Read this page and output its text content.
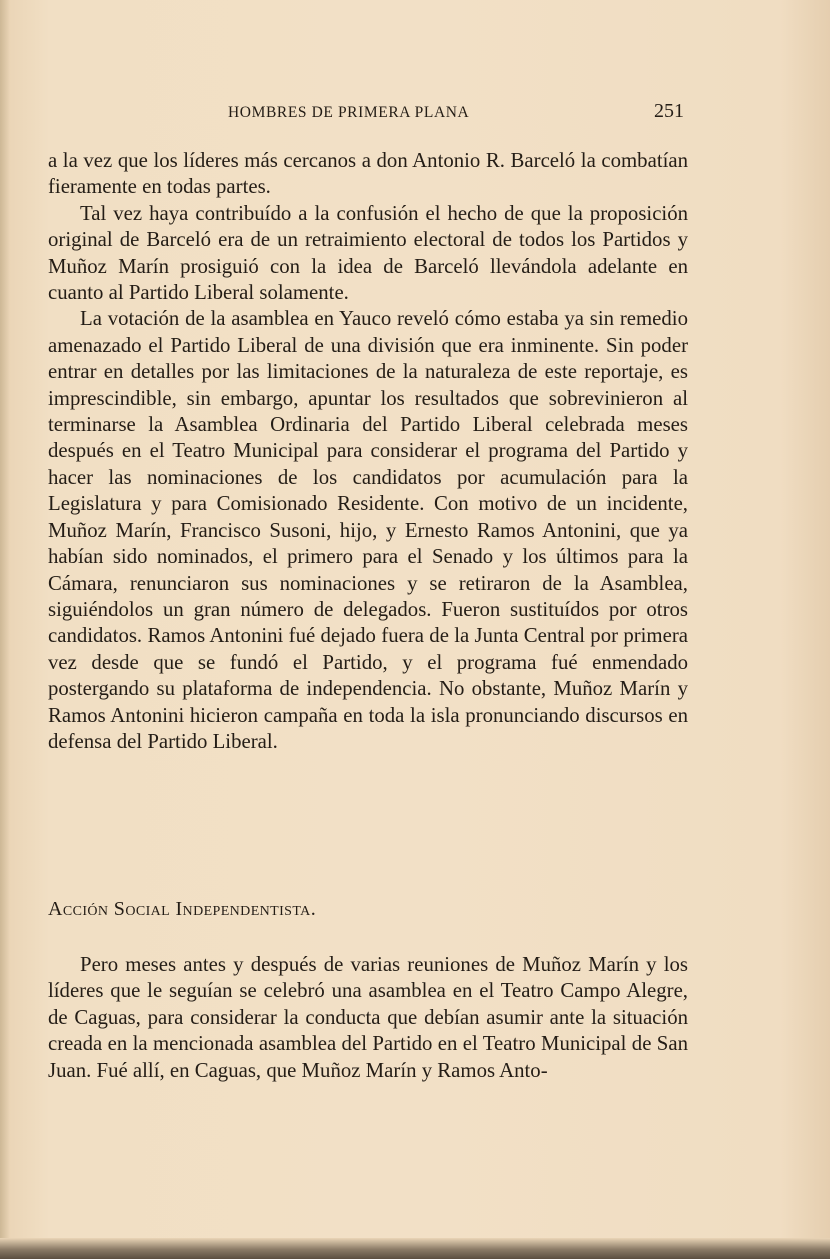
HOMBRES DE PRIMERA PLANA	251

a la vez que los líderes más cercanos a don Antonio R. Barceló la combatían fieramente en todas partes.

Tal vez haya contribuído a la confusión el hecho de que la proposición original de Barceló era de un retraimiento electoral de todos los Partidos y Muñoz Marín prosiguió con la idea de Barceló llevándola adelante en cuanto al Partido Liberal solamente.

La votación de la asamblea en Yauco reveló cómo estaba ya sin remedio amenazado el Partido Liberal de una división que era inminente. Sin poder entrar en detalles por las limitaciones de la naturaleza de este reportaje, es imprescindible, sin embargo, apuntar los resultados que sobrevinieron al terminarse la Asamblea Ordinaria del Partido Liberal celebrada meses después en el Teatro Municipal para considerar el programa del Partido y hacer las nominaciones de los candidatos por acumulación para la Legislatura y para Comisionado Residente. Con motivo de un incidente, Muñoz Marín, Francisco Susoni, hijo, y Ernesto Ramos Antonini, que ya habían sido nominados, el primero para el Senado y los últimos para la Cámara, renunciaron sus nominaciones y se retiraron de la Asamblea, siguiéndolos un gran número de delegados. Fueron sustituídos por otros candidatos. Ramos Antonini fué dejado fuera de la Junta Central por primera vez desde que se fundó el Partido, y el programa fué enmendado postergando su plataforma de independencia. No obstante, Muñoz Marín y Ramos Antonini hicieron campaña en toda la isla pronunciando discursos en defensa del Partido Liberal.

Acción Social Independentista.

Pero meses antes y después de varias reuniones de Muñoz Marín y los líderes que le seguían se celebró una asamblea en el Teatro Campo Alegre, de Caguas, para considerar la conducta que debían asumir ante la situación creada en la mencionada asamblea del Partido en el Teatro Municipal de San Juan. Fué allí, en Caguas, que Muñoz Marín y Ramos Anto-
